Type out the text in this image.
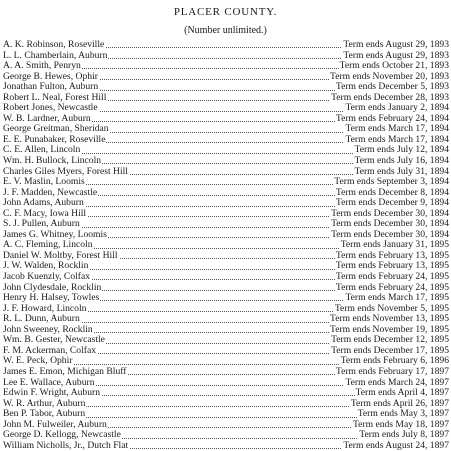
PLACER COUNTY.
(Number unlimited.)
A. K. Robinson, Roseville	Term ends August 29, 1893
L. L. Chamberlain, Auburn	Term ends August 29, 1893
A. A. Smith, Penryn	Term ends October 21, 1893
George B. Hewes, Ophir	Term ends November 20, 1893
Jonathan Fulton, Auburn	Term ends December 5, 1893
Robert L. Neal, Forest Hill	Term ends December 28, 1893
Robert Jones, Newcastle	Term ends January 2, 1894
W. B. Lardner, Auburn	Term ends February 24, 1894
George Greitman, Sheridan	Term ends March 17, 1894
E. E. Punabaker, Roseville	Term ends March 17, 1894
C. E. Allen, Lincoln	Term ends July 12, 1894
Wm. H. Bullock, Lincoln	Term ends July 16, 1894
Charles Giles Myers, Forest Hill	Term ends July 31, 1894
E. V. Maslin, Loomis	Term ends September 3, 1894
J. F. Madden, Newcastle	Term ends December 8, 1894
John Adams, Auburn	Term ends December 9, 1894
C. F. Macy, Iowa Hill	Term ends December 30, 1894
S. J. Pullen, Auburn	Term ends December 30, 1894
James G. Whitney, Loomis	Term ends December 30, 1894
A. C. Fleming, Lincoln	Term ends January 31, 1895
Daniel W. Moltby, Forest Hill	Term ends February 13, 1895
J. W. Walden, Rocklin	Term ends February 13, 1895
Jacob Kuenzly, Colfax	Term ends February 24, 1895
John Clydesdale, Rocklin	Term ends February 24, 1895
Henry H. Halsey, Towles	Term ends March 17, 1895
J. F. Howard, Lincoln	Term ends November 5, 1895
R. L. Dunn, Auburn	Term ends November 13, 1895
John Sweeney, Rocklin	Term ends November 19, 1895
Wm. B. Gester, Newcastle	Term ends December 12, 1895
F. M. Ackerman, Colfax	Term ends December 17, 1895
W. E. Peck, Ophir	Term ends February 6, 1896
James E. Emon, Michigan Bluff	Term ends February 17, 1897
Lee E. Wallace, Auburn	Term ends March 24, 1897
Edwin F. Wright, Auburn	Term ends April 4, 1897
W. R. Arthur, Auburn	Term ends April 26, 1897
Ben P. Tabor, Auburn	Term ends May 3, 1897
John M. Fulweiler, Auburn	Term ends May 18, 1897
George D. Kellogg, Newcastle	Term ends July 8, 1897
William Nicholls, Jr., Dutch Flat	Term ends August 24, 1897
